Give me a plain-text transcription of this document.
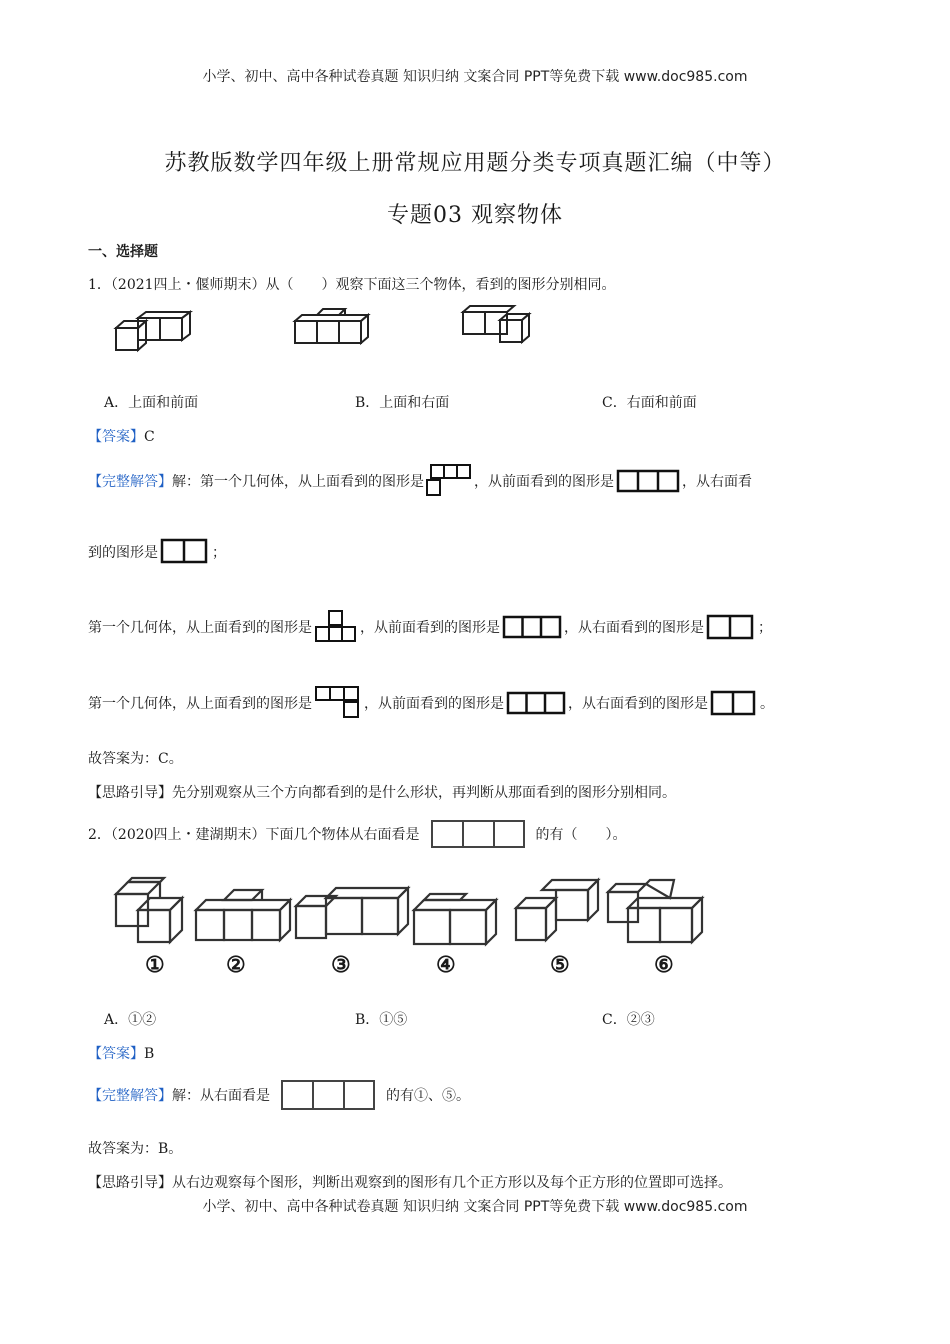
小学、初中、高中各种试卷真题 知识归纳 文案合同 PPT等免费下载 www.doc985.com
小学、初中、高中各种试卷真题 知识归纳 文案合同 PPT等免费下载 www.doc985.com
苏教版数学四年级上册常规应用题分类专项真题汇编（中等）
专题03 观察物体
一、选择题
1．（2021四上・偃师期末）从（　　）观察下面这三个物体，看到的图形分别相同。
A．上面和前面	B．上面和右面	C．右面和前面
【答案】C
【完整解答】 解：第一个几何体，从上面看到的图形是	，从前面看到的图形是	，从右面看
到的图形是	；
第一个几何体，从上面看到的图形是	，从前面看到的图形是	，从右面看到的图形是	；
第一个几何体，从上面看到的图形是	，从前面看到的图形是	，从右面看到的图形是	。
故答案为：C。
【思路引导】先分别观察从三个方向都看到的是什么形状，再判断从那面看到的图形分别相同。
2．（2020四上・建湖期末）下面几个物体从右面看是	的有（　　）。
①	②	③	④	⑤	⑥
A．①②	B．①⑤	C．②③
【答案】B
【完整解答】 解：从右面看是	的有①、⑤。
故答案为：B。
【思路引导】从右边观察每个图形，判断出观察到的图形有几个正方形以及每个正方形的位置即可选择。
